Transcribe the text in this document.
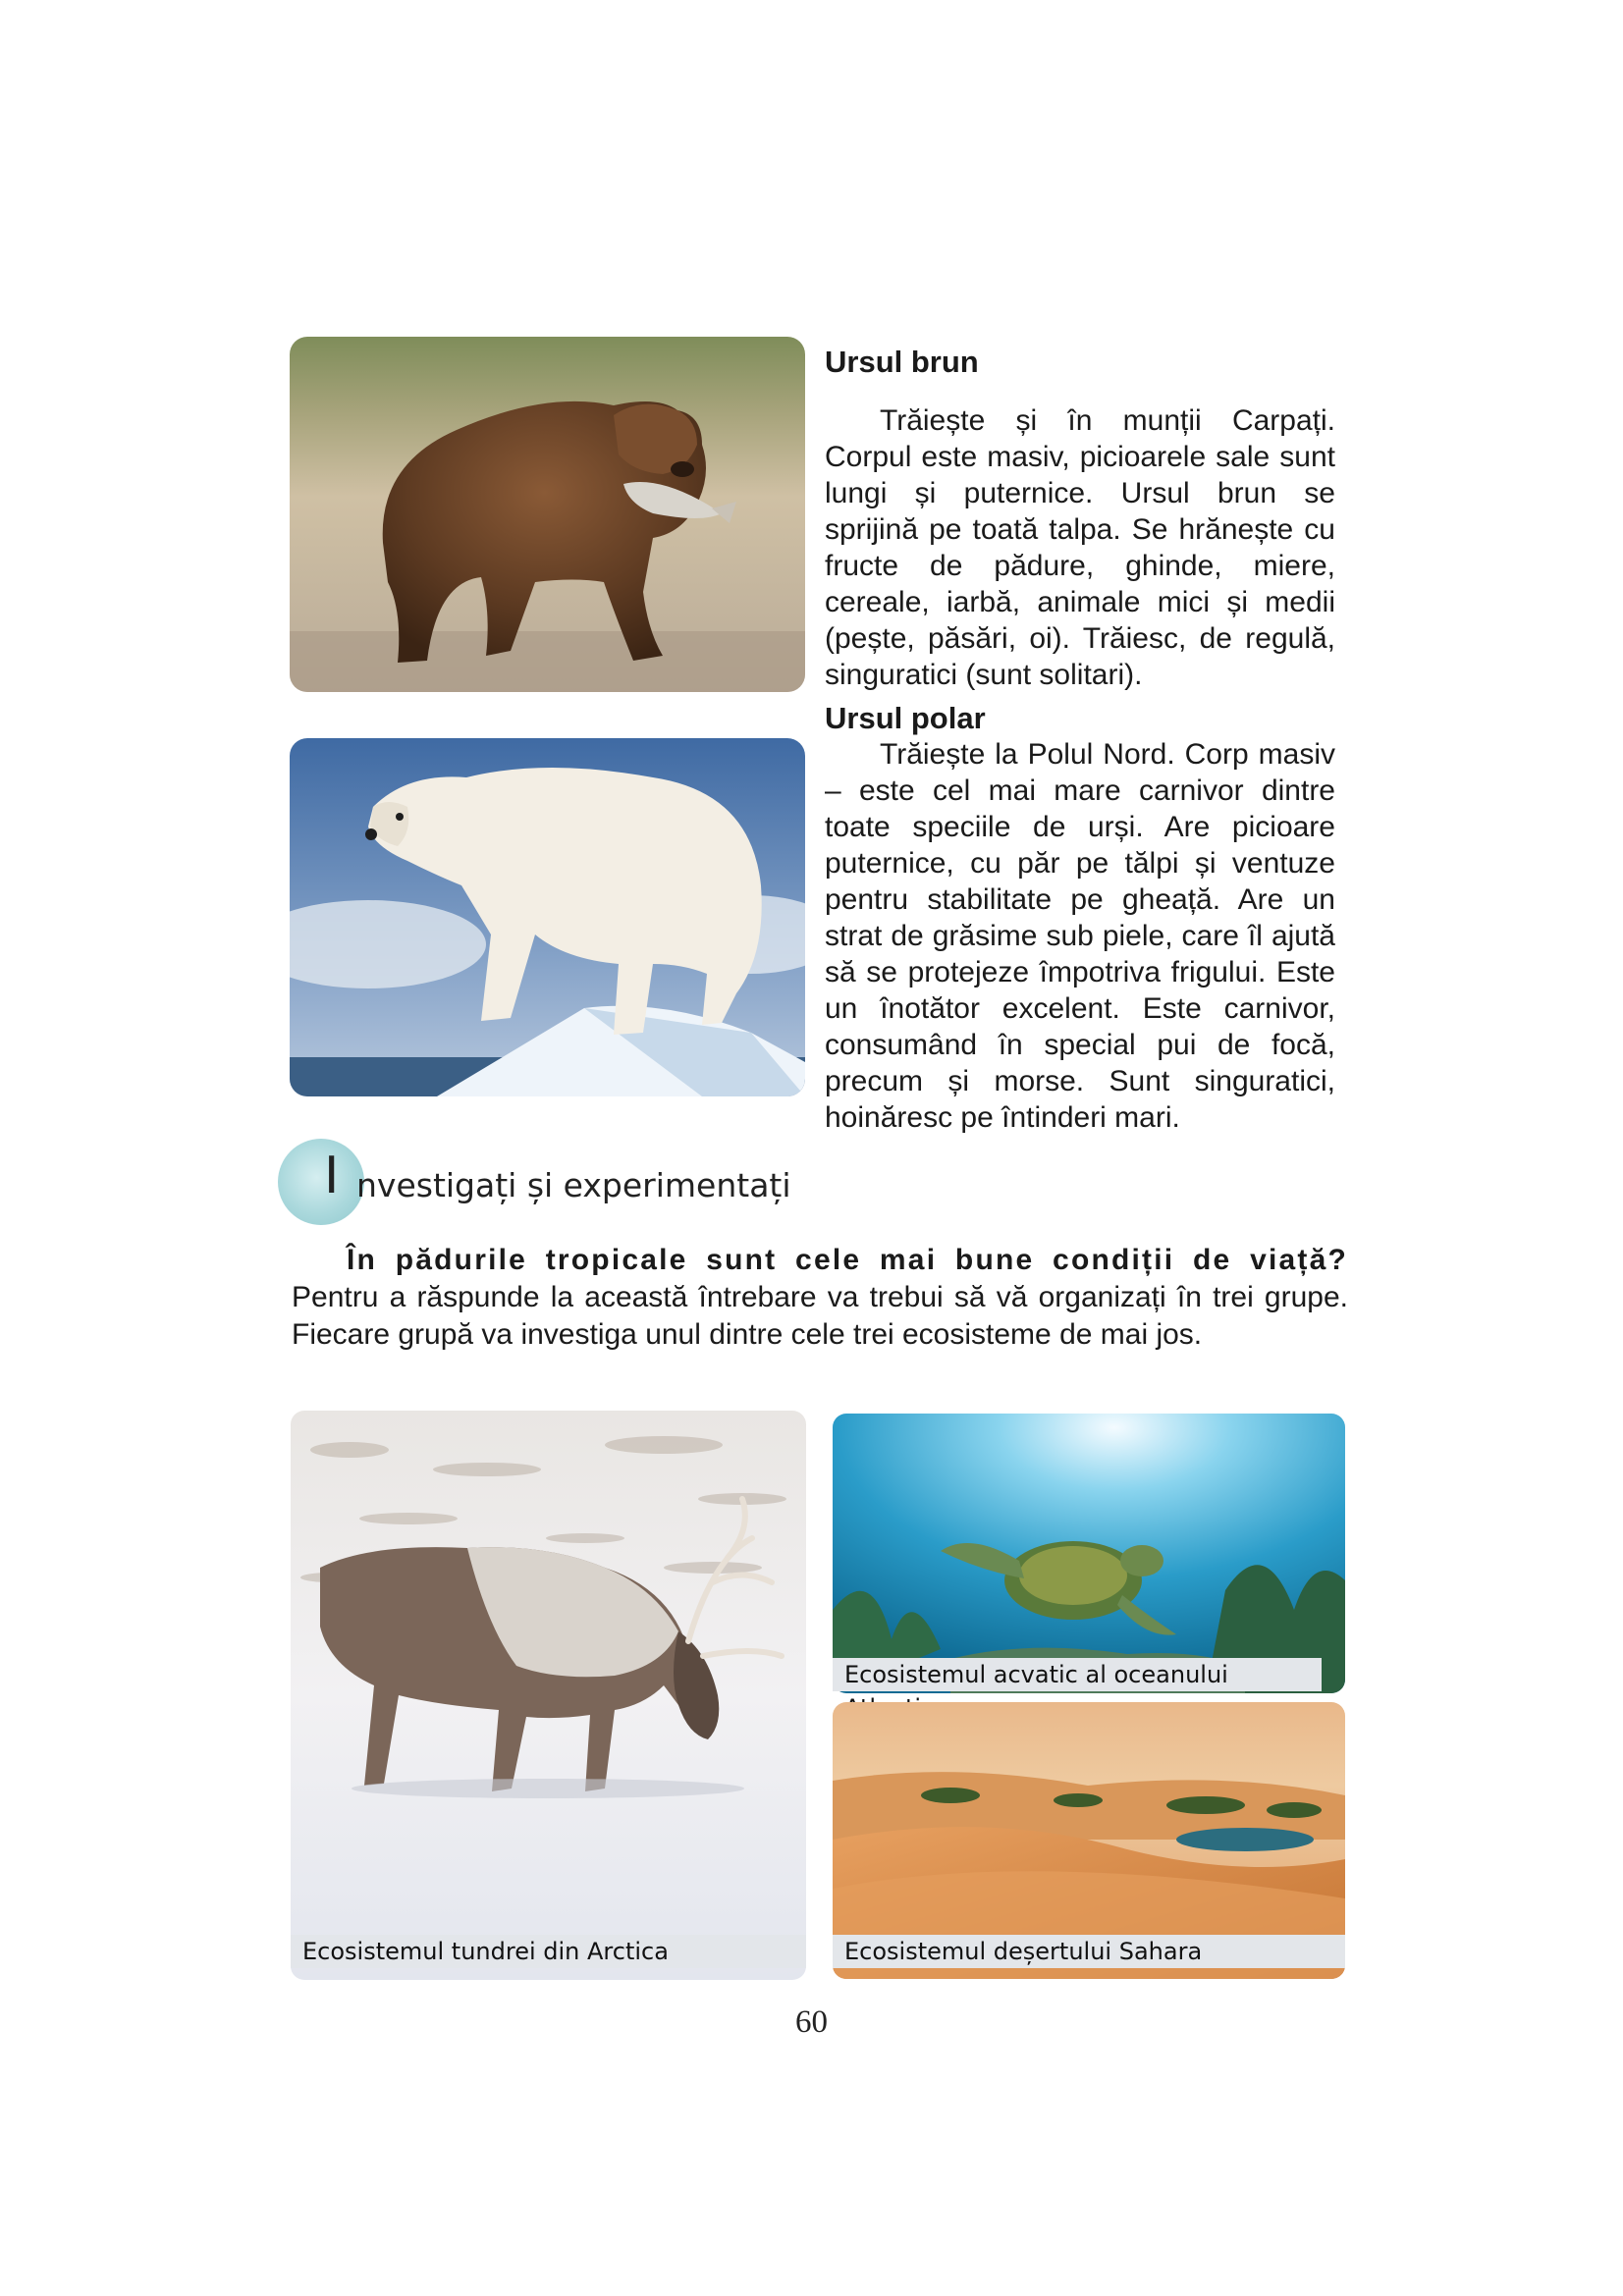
Ursul brun

Trăiește și în munții Carpați. Corpul este masiv, picioarele sale sunt lungi și puternice. Ursul brun se sprijină pe toată talpa. Se hrănește cu fructe de pădure, ghinde, miere, cereale, iarbă, animale mici și medii (pește, păsări, oi). Trăiesc, de regulă, singuratici (sunt solitari).

Ursul polar

Trăiește la Polul Nord. Corp masiv – este cel mai mare carnivor dintre toate speciile de urși. Are picioare puternice, cu păr pe tălpi și ventuze pentru stabilitate pe gheață. Are un strat de grăsime sub piele, care îl ajută să se protejeze împotriva frigului. Este un înotător excelent. Este carnivor, consumând în special pui de focă, precum și morse. Sunt singuratici, hoinăresc pe întinderi mari.

I nvestigați și experimentați

În pădurile tropicale sunt cele mai bune condiții de viață? Pentru a răspunde la această întrebare va trebui să vă organizați în trei grupe. Fiecare grupă va investiga unul dintre cele trei ecosisteme de mai jos.

Ecosistemul tundrei din Arctica
Ecosistemul acvatic al oceanului
Ecosistemul deșertului Sahara
60
